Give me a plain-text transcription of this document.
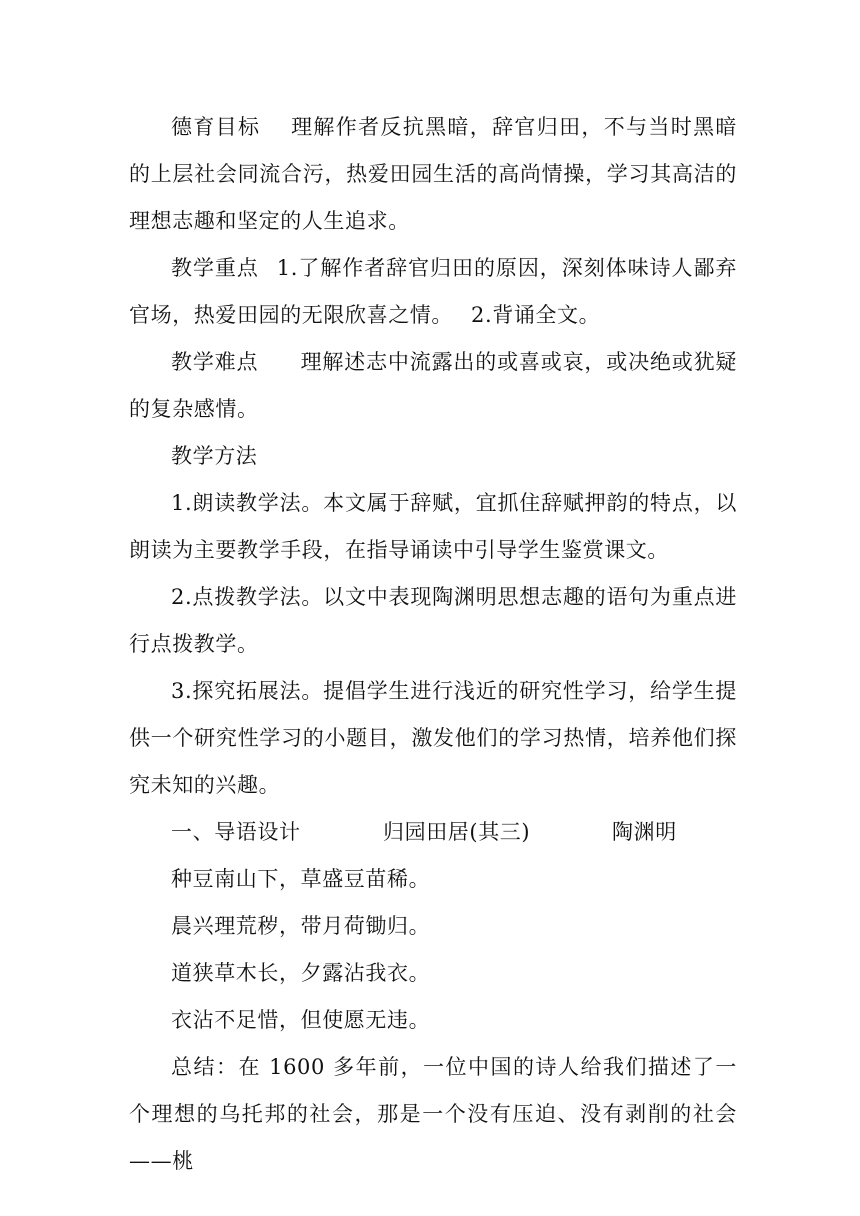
德育目标 理解作者反抗黑暗，辞官归田，不与当时黑暗的上层社会同流合污，热爱田园生活的高尚情操，学习其高洁的理想志趣和坚定的人生追求。

教学重点 1.了解作者辞官归田的原因，深刻体味诗人鄙弃官场，热爱田园的无限欣喜之情。 2.背诵全文。

教学难点 理解述志中流露出的或喜或哀，或决绝或犹疑的复杂感情。

教学方法

1.朗读教学法。本文属于辞赋，宜抓住辞赋押韵的特点，以朗读为主要教学手段，在指导诵读中引导学生鉴赏课文。

2.点拨教学法。以文中表现陶渊明思想志趣的语句为重点进行点拨教学。

3.探究拓展法。提倡学生进行浅近的研究性学习，给学生提供一个研究性学习的小题目，激发他们的学习热情，培养他们探究未知的兴趣。

一、导语设计	归园田居(其三)	陶渊明

种豆南山下，草盛豆苗稀。

晨兴理荒秽，带月荷锄归。

道狭草木长，夕露沾我衣。

衣沾不足惜，但使愿无违。

总结：在 1600 多年前，一位中国的诗人给我们描述了一个理想的乌托邦的社会，那是一个没有压迫、没有剥削的社会——桃
